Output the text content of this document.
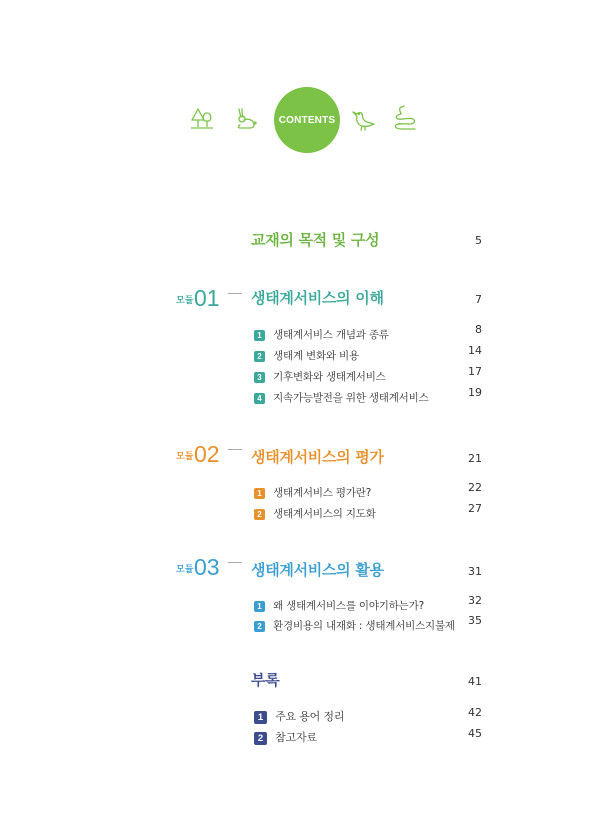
CONTENTS
교재의 목적 및 구성	5
모듈 01 생태계서비스의 이해	7
1 생태계서비스 개념과 종류	8
2 생태계 변화와 비용	14
3 기후변화와 생태계서비스	17
4 지속가능발전을 위한 생태계서비스	19
모듈 02 생태계서비스의 평가	21
1 생태계서비스 평가란?	22
2 생태계서비스의 지도화	27
모듈 03 생태계서비스의 활용	31
1 왜 생태계서비스를 이야기하는가?	32
2 환경비용의 내재화 : 생태계서비스지불제	35
부록	41
1 주요 용어 정리	42
2 참고자료	45
